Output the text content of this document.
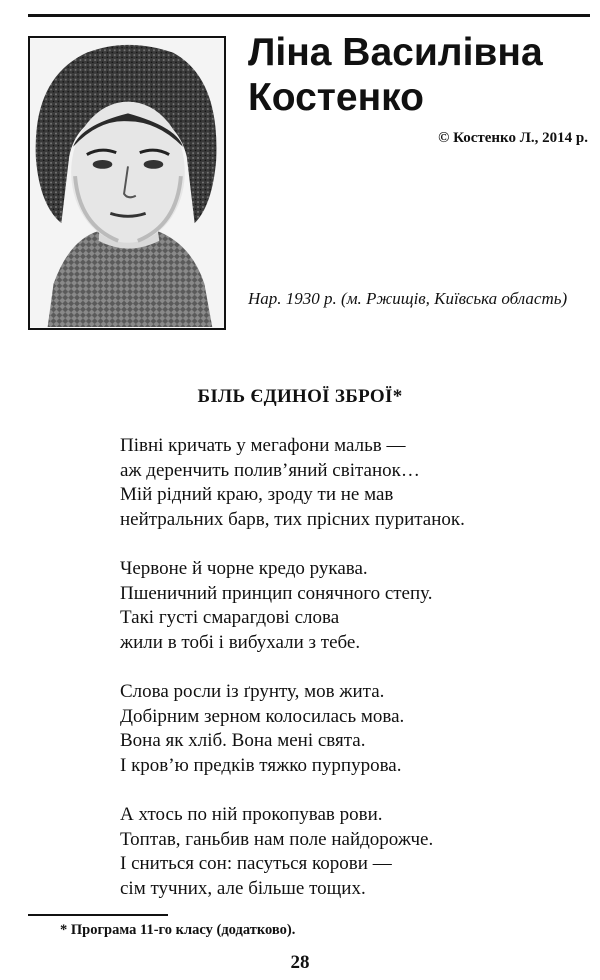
Ліна Василівна
Костенко
© Костенко Л., 2014 р.
Нар. 1930 р. (м. Ржищів, Київська область)
БІЛЬ ЄДИНОЇ ЗБРОЇ*
Півні кричать у мегафони мальв —
аж деренчить полив’яний світанок…
Мій рідний краю, зроду ти не мав
нейтральних барв, тих прісних пуританок.
Червоне й чорне кредо рукава.
Пшеничний принцип сонячного степу.
Такі густі смарагдові слова
жили в тобі і вибухали з тебе.
Слова росли із ґрунту, мов жита.
Добірним зерном колосилась мова.
Вона як хліб. Вона мені свята.
І кров’ю предків тяжко пурпурова.
А хтось по ній прокопував рови.
Топтав, ганьбив нам поле найдорожче.
І сниться сон: пасуться корови —
сім тучних, але більше тощих.
* Програма 11-го класу (додатково).
28
